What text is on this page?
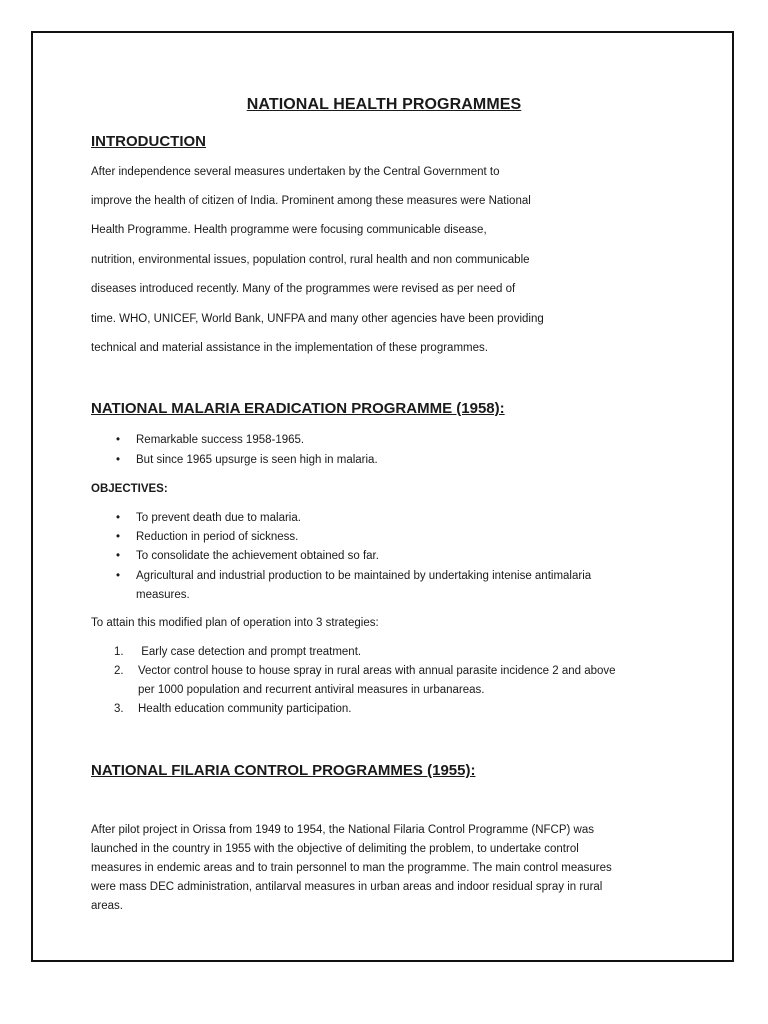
NATIONAL HEALTH PROGRAMMES
INTRODUCTION
After independence several measures undertaken by the Central Government to
improve the health of citizen of India. Prominent among these measures were National
Health Programme. Health programme were focusing communicable disease,
nutrition, environmental issues, population control, rural health and non communicable
diseases introduced recently. Many of the programmes were revised as per need of
time. WHO, UNICEF, World Bank, UNFPA and many other agencies have been providing
technical and material assistance in the implementation of these programmes.
NATIONAL MALARIA ERADICATION PROGRAMME (1958):
• Remarkable success 1958-1965.
• But since 1965 upsurge is seen high in malaria.
OBJECTIVES:
• To prevent death due to malaria.
• Reduction in period of sickness.
• To consolidate the achievement obtained so far.
• Agricultural and industrial production to be maintained by undertaking intenise antimalaria
measures.
To attain this modified plan of operation into 3 strategies:
1. Early case detection and prompt treatment.
2. Vector control house to house spray in rural areas with annual parasite incidence 2 and above
per 1000 population and recurrent antiviral measures in urbanareas.
3. Health education community participation.
NATIONAL FILARIA CONTROL PROGRAMMES (1955):
After pilot project in Orissa from 1949 to 1954, the National Filaria Control Programme (NFCP) was
launched in the country in 1955 with the objective of delimiting the problem, to undertake control
measures in endemic areas and to train personnel to man the programme. The main control measures
were mass DEC administration, antilarval measures in urban areas and indoor residual spray in rural
areas.
